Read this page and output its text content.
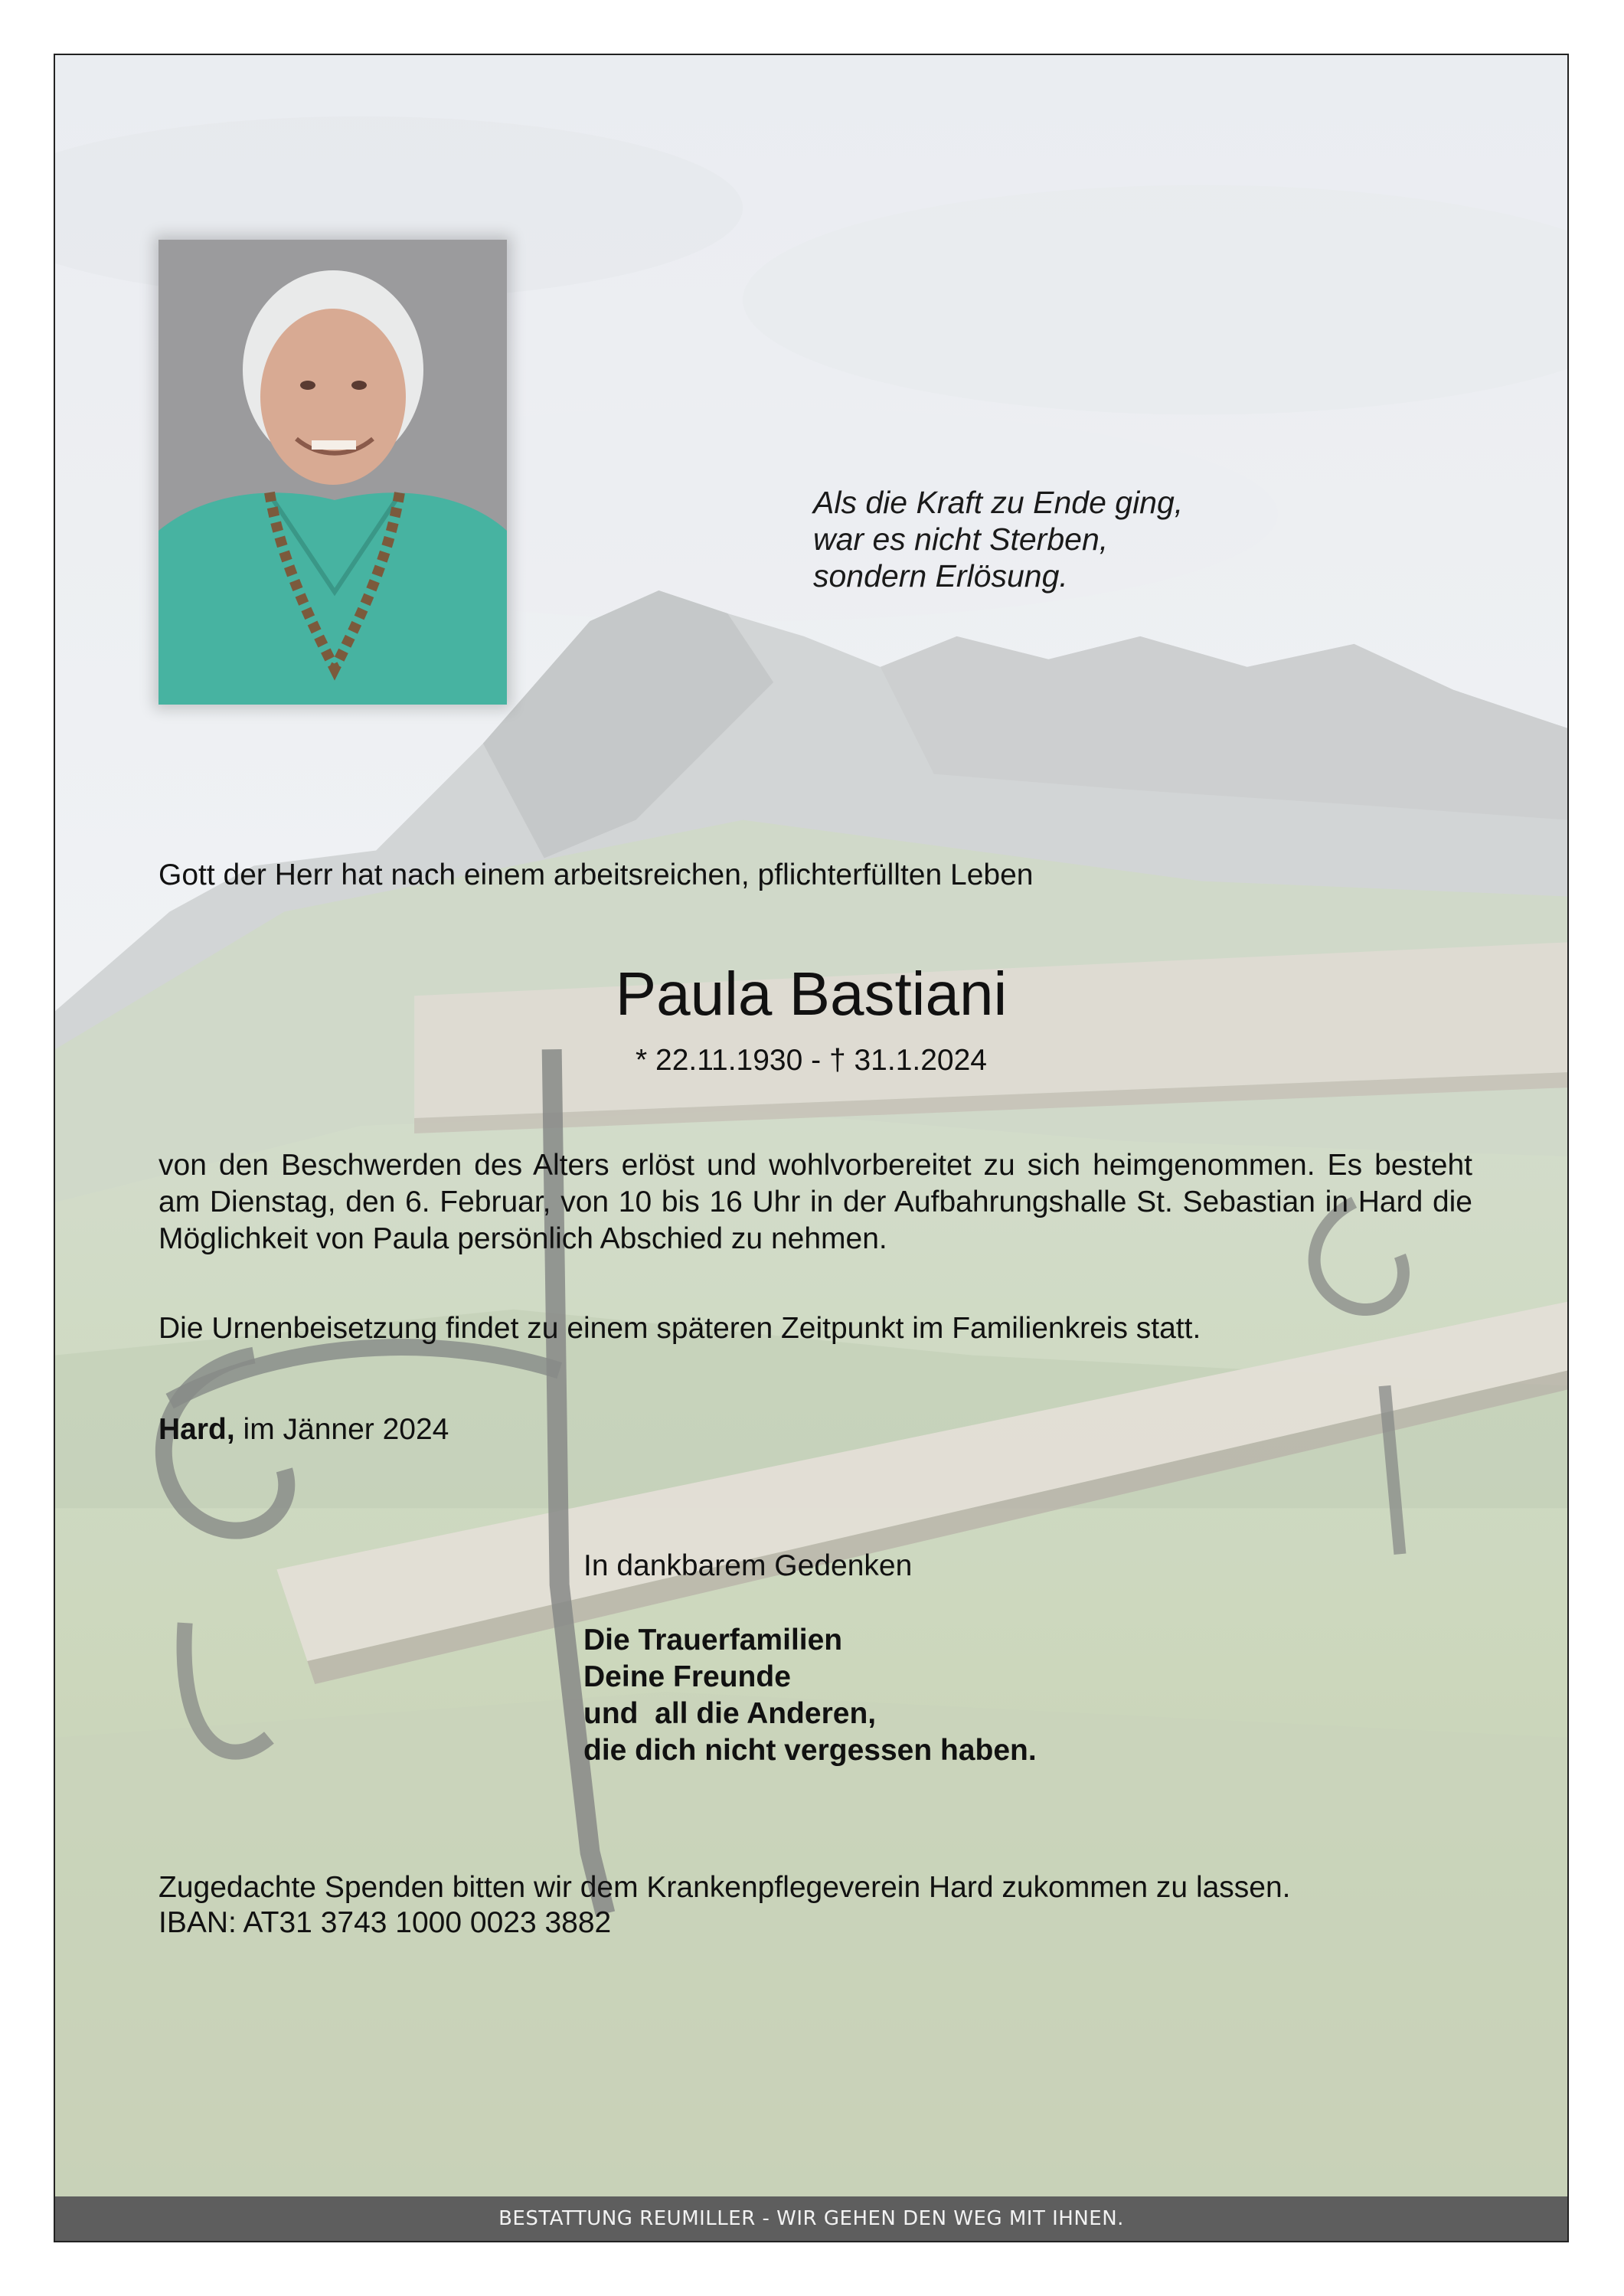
Als die Kraft zu Ende ging,
war es nicht Sterben,
sondern Erlösung.
Gott der Herr hat nach einem arbeitsreichen, pflichterfüllten Leben
Paula Bastiani
* 22.11.1930 - † 31.1.2024
von den Beschwerden des Alters erlöst und wohlvorbereitet zu sich heimgenommen. Es besteht am Dienstag, den 6. Februar, von 10 bis 16 Uhr in der Aufbahrungshalle St. Sebastian in Hard die Möglichkeit von Paula persönlich Abschied zu nehmen.
Die Urnenbeisetzung findet zu einem späteren Zeitpunkt im Familienkreis statt.
Hard, im Jänner 2024
In dankbarem Gedenken
Die Trauerfamilien
Deine Freunde
und  all die Anderen,
die dich nicht vergessen haben.
Zugedachte Spenden bitten wir dem Krankenpflegeverein Hard zukommen zu lassen.
IBAN: AT31 3743 1000 0023 3882
BESTATTUNG REUMILLER - WIR GEHEN DEN WEG MIT IHNEN.
